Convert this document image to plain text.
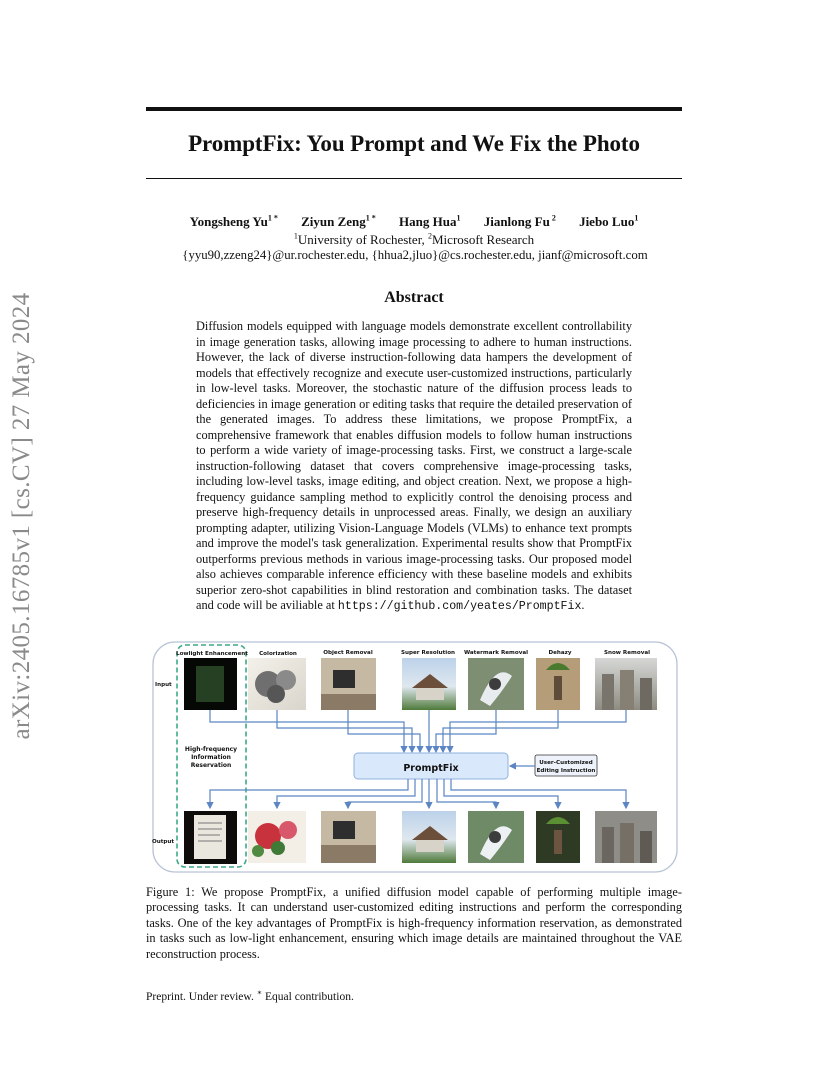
arXiv:2405.16785v1 [cs.CV] 27 May 2024
PromptFix: You Prompt and We Fix the Photo
Yongsheng $Yu^{1 *}$ Ziyun Zeng$^{1 *}$ Hang Hua$^1$ Jianlong Fu $^2$ Jiebo Luo$^1$
$^1$University of Rochester, $^2$Microsoft Research
{yyu90,zzeng24}@ur.rochester.edu, {hhua2,jluo}@cs.rochester.edu, jianf@microsoft.com
Abstract
Diffusion models equipped with language models demonstrate excellent controllability in image generation tasks, allowing image processing to adhere to human instructions. However, the lack of diverse instruction-following data hampers the development of models that effectively recognize and execute user-customized instructions, particularly in low-level tasks. Moreover, the stochastic nature of the diffusion process leads to deficiencies in image generation or editing tasks that require the detailed preservation of the generated images. To address these limitations, we propose PromptFix, a comprehensive framework that enables diffusion models to follow human instructions to perform a wide variety of image-processing tasks. First, we construct a large-scale instruction-following dataset that covers comprehensive image-processing tasks, including low-level tasks, image editing, and object creation. Next, we propose a high-frequency guidance sampling method to explicitly control the denoising process and preserve high-frequency details in unprocessed areas. Finally, we design an auxiliary prompting adapter, utilizing Vision-Language Models (VLMs) to enhance text prompts and improve the model's task generalization. Experimental results show that PromptFix outperforms previous methods in various image-processing tasks. Our proposed model also achieves comparable inference efficiency with these baseline models and exhibits superior zero-shot capabilities in blind restoration and combination tasks. The dataset and code will be aviliable at https://github.com/yeates/PromptFix.
Lowlight Enhancement Colorization	Object Removal	Super Resolution Watermark Removal	Dehazy	Snow Removal
Input
Output
High-frequency
Information
Reservation	PromptFix	User-Customized
Editing Instruction
Figure 1: We propose PromptFix, a unified diffusion model capable of performing multiple image-processing tasks. It can understand user-customized editing instructions and perform the corresponding tasks. One of the key advantages of PromptFix is high-frequency information reservation, as demonstrated in tasks such as low-light enhancement, ensuring which image details are maintained throughout the VAE reconstruction process.
Preprint. Under review. ∗ Equal contribution.
